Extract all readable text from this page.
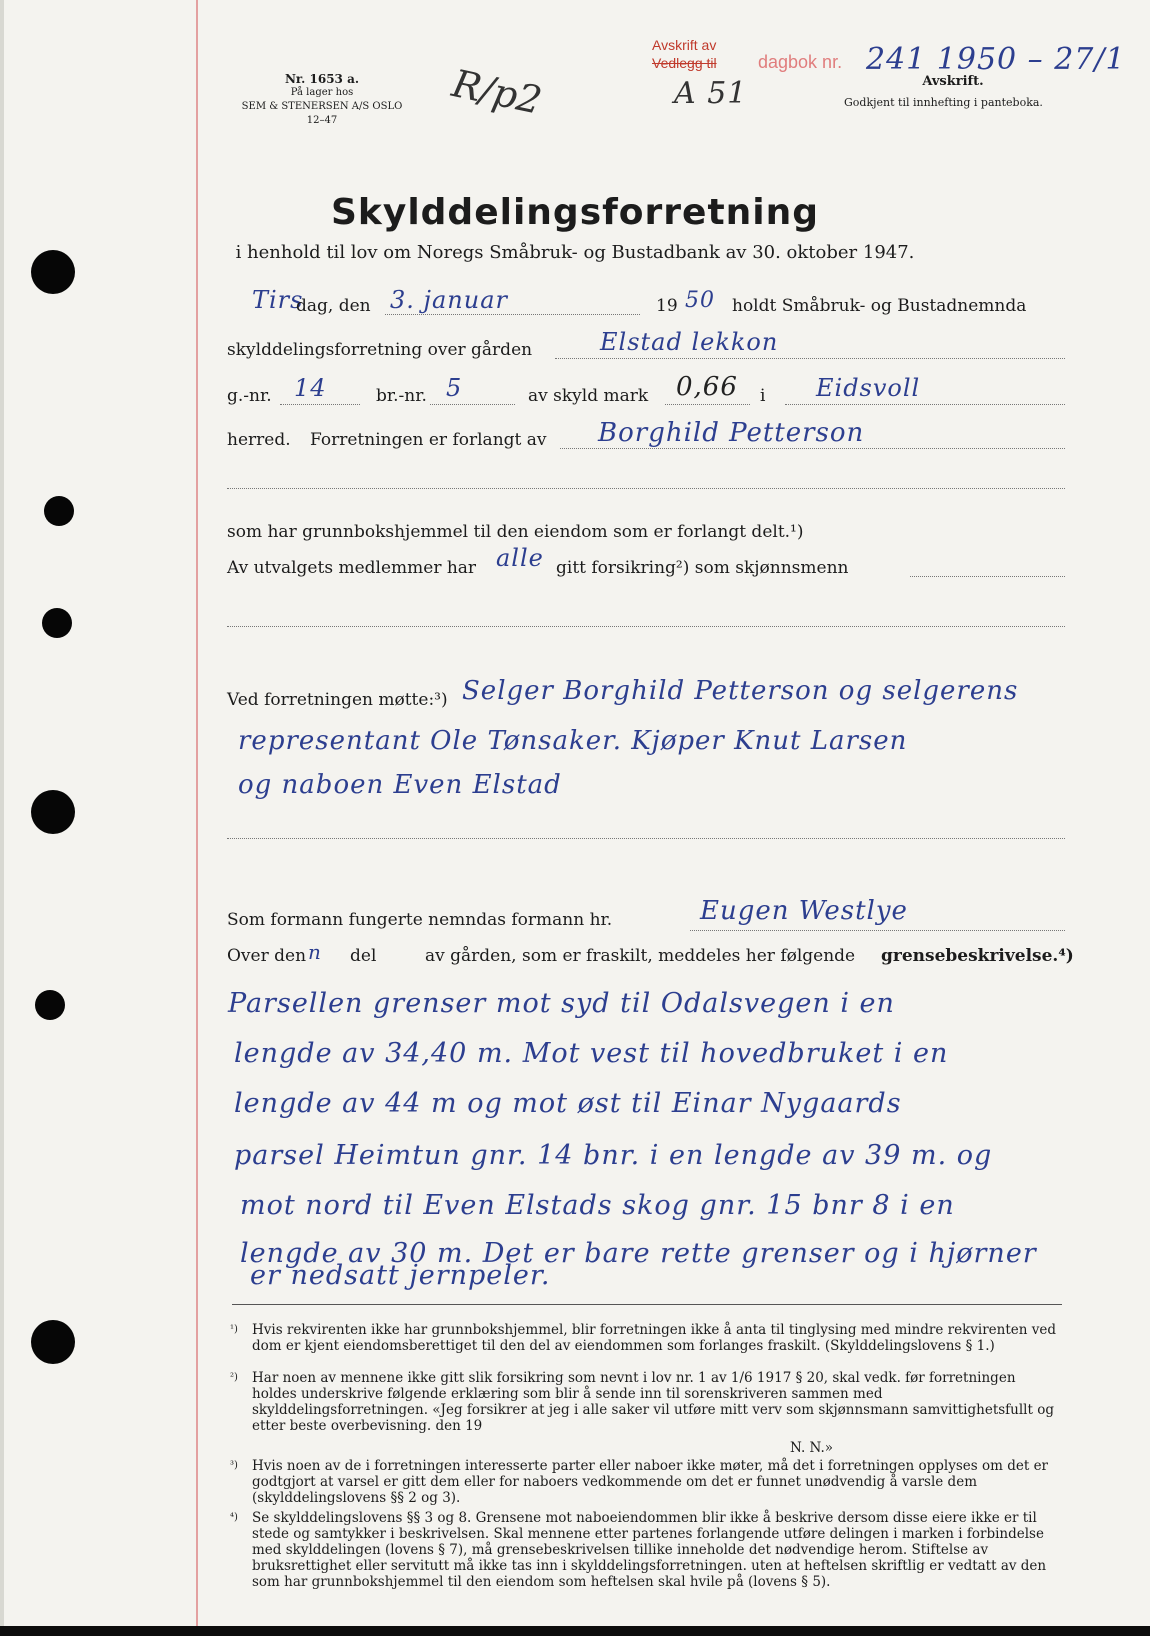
Nr. 1653 a.
På lager hos
SEM & STENERSEN A/S OSLO
12–47	R/p2
Avskrift av
Vedlegg til
A 51
dagbok nr. 241 1950 – 27/1
Avskrift.
Godkjent til innhefting i panteboka.
Skylddelingsforretning
i henhold til lov om Noregs Småbruk- og Bustadbank av 30. oktober 1947.
Tirs
dag, den 3. januar	19 50 holdt Småbruk- og Bustadnemnda
skylddelingsforretning over gården	Elstad lekkon
g.-nr. 14	br.-nr. 5	av skyld mark 0,66 i Eidsvoll
herred. Forretningen er forlangt av Borghild Petterson
som har grunnbokshjemmel til den eiendom som er forlangt delt.¹)
Av utvalgets medlemmer har alle gitt forsikring²) som skjønnsmenn
Ved forretningen møtte:³) Selger Borghild Petterson og selgerens
representant Ole Tønsaker. Kjøper Knut Larsen
og naboen Even Elstad
Som formann fungerte nemndas formann hr.	Eugen Westlye
Over den n del	av gården, som er fraskilt, meddeles her følgende grensebeskrivelse.⁴)
Parsellen grenser mot syd til Odalsvegen i en
lengde av 34,40 m. Mot vest til hovedbruket i en
lengde av 44 m og mot øst til Einar Nygaards
parsel Heimtun gnr. 14 bnr. i en lengde av 39 m. og
mot nord til Even Elstads skog gnr. 15 bnr 8 i en
lengde av 30 m. Det er bare rette grenser og i hjørner
er nedsatt jernpeler.
¹) Hvis rekvirenten ikke har grunnbokshjemmel, blir forretningen ikke å anta til tinglysing med mindre rekvirenten ved dom er kjent eiendomsberettiget til den del av eiendommen som forlanges fraskilt. (Skylddelingslovens § 1.)
²) Har noen av mennene ikke gitt slik forsikring som nevnt i lov nr. 1 av 1/6 1917 § 20, skal vedk. før forretningen holdes underskrive følgende erklæring som blir å sende inn til sorenskriveren sammen med skylddelingsforretningen. «Jeg forsikrer at jeg i alle saker vil utføre mitt verv som skjønnsmann samvittighetsfullt og etter beste overbevisning. den 19
N. N.»
³) Hvis noen av de i forretningen interesserte parter eller naboer ikke møter, må det i forretningen opplyses om det er godtgjort at varsel er gitt dem eller for naboers vedkommende om det er funnet unødvendig å varsle dem (skylddelingslovens §§ 2 og 3).
⁴) Se skylddelingslovens §§ 3 og 8. Grensene mot naboeiendommen blir ikke å beskrive dersom disse eiere ikke er til stede og samtykker i beskrivelsen. Skal mennene etter partenes forlangende utføre delingen i marken i forbindelse med skylddelingen (lovens § 7), må grensebeskrivelsen tillike inneholde det nødvendige herom. Stiftelse av bruksrettighet eller servitutt må ikke tas inn i skylddelingsforretningen. uten at heftelsen skriftlig er vedtatt av den som har grunnbokshjemmel til den eiendom som heftelsen skal hvile på (lovens § 5).
